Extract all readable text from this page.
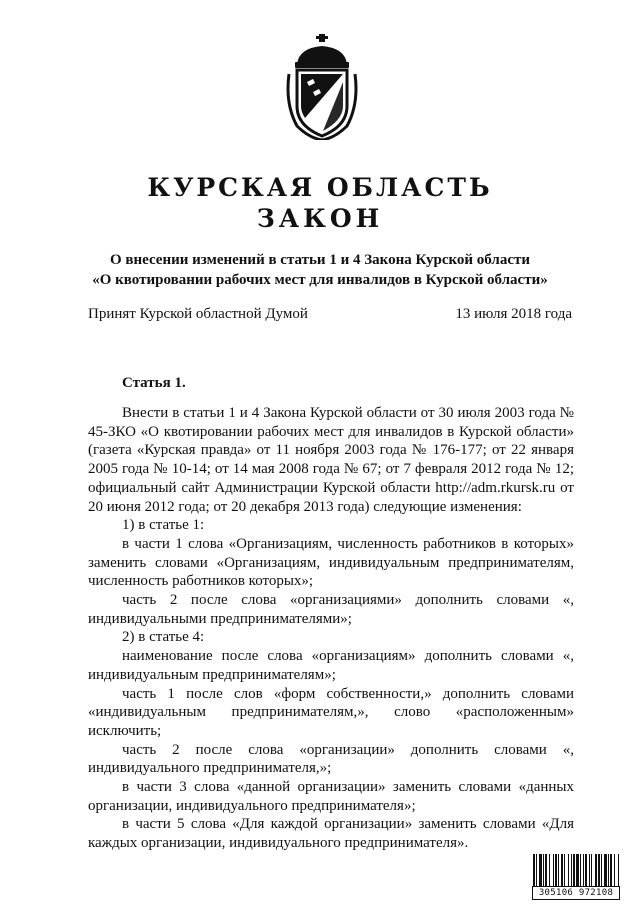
КУРСКАЯ ОБЛАСТЬ
ЗАКОН
О внесении изменений в статьи 1 и 4 Закона Курской области
«О квотировании рабочих мест для инвалидов в Курской области»
Принят Курской областной Думой	13 июля 2018 года
Статья 1.

Внести в статьи 1 и 4 Закона Курской области от 30 июля 2003 года № 45-ЗКО «О квотировании рабочих мест для инвалидов в Курской области» (газета «Курская правда» от 11 ноября 2003 года № 176-177; от 22 января 2005 года № 10-14; от 14 мая 2008 года № 67; от 7 февраля 2012 года № 12; официальный сайт Администрации Курской области http://adm.rkursk.ru от 20 июня 2012 года; от 20 декабря 2013 года) следующие изменения:

1) в статье 1:

в части 1 слова «Организациям, численность работников в которых» заменить словами «Организациям, индивидуальным предпринимателям, численность работников которых»;

часть 2 после слова «организациями» дополнить словами «, индивидуальными предпринимателями»;

2) в статье 4:

наименование после слова «организациям» дополнить словами «, индивидуальным предпринимателям»;

часть 1 после слов «форм собственности,» дополнить словами «индивидуальным предпринимателям,», слово «расположенным» исключить;

часть 2 после слова «организации» дополнить словами «, индивидуального предпринимателя,»;

в части 3 слова «данной организации» заменить словами «данных организации, индивидуального предпринимателя»;

в части 5 слова «Для каждой организации» заменить словами «Для каждых организации, индивидуального предпринимателя».

305106 972108
